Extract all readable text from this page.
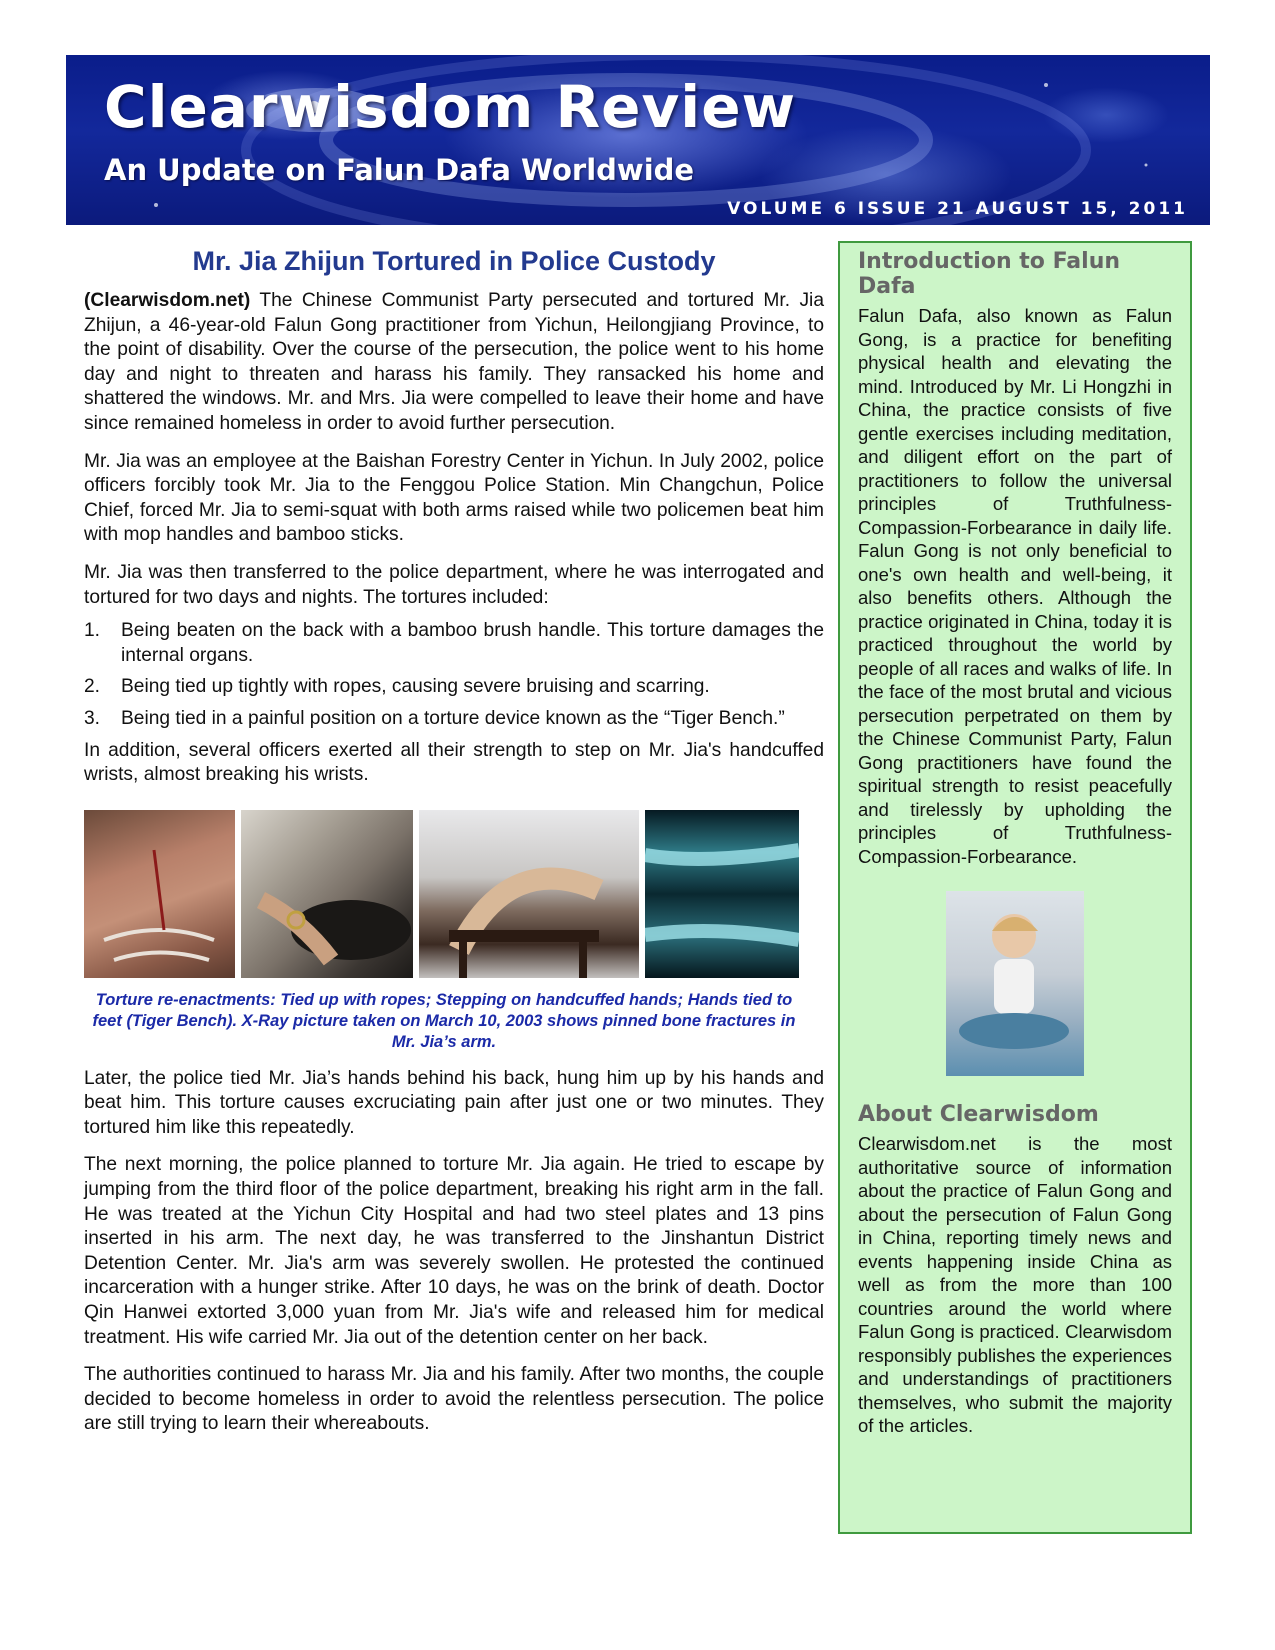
Clearwisdom Review
An Update on Falun Dafa Worldwide
VOLUME 6 ISSUE 21 AUGUST 15, 2011
Mr. Jia Zhijun Tortured in Police Custody

(Clearwisdom.net) The Chinese Communist Party persecuted and tortured Mr. Jia Zhijun, a 46-year-old Falun Gong practitioner from Yichun, Heilongjiang Province, to the point of disability. Over the course of the persecution, the police went to his home day and night to threaten and harass his family. They ransacked his home and shattered the windows. Mr. and Mrs. Jia were compelled to leave their home and have since remained homeless in order to avoid further persecution.

Mr. Jia was an employee at the Baishan Forestry Center in Yichun. In July 2002, police officers forcibly took Mr. Jia to the Fenggou Police Station. Min Changchun, Police Chief, forced Mr. Jia to semi-squat with both arms raised while two policemen beat him with mop handles and bamboo sticks.

Mr. Jia was then transferred to the police department, where he was interrogated and tortured for two days and nights. The tortures included:

1. Being beaten on the back with a bamboo brush handle. This torture damages the internal organs.
2. Being tied up tightly with ropes, causing severe bruising and scarring.
3. Being tied in a painful position on a torture device known as the “Tiger Bench.”

In addition, several officers exerted all their strength to step on Mr. Jia's handcuffed wrists, almost breaking his wrists.

Torture re-enactments: Tied up with ropes; Stepping on handcuffed hands; Hands tied to feet (Tiger Bench). X-Ray picture taken on March 10, 2003 shows pinned bone fractures in Mr. Jia’s arm.

Later, the police tied Mr. Jia’s hands behind his back, hung him up by his hands and beat him. This torture causes excruciating pain after just one or two minutes. They tortured him like this repeatedly.

The next morning, the police planned to torture Mr. Jia again. He tried to escape by jumping from the third floor of the police department, breaking his right arm in the fall. He was treated at the Yichun City Hospital and had two steel plates and 13 pins inserted in his arm. The next day, he was transferred to the Jinshantun District Detention Center. Mr. Jia's arm was severely swollen. He protested the continued incarceration with a hunger strike. After 10 days, he was on the brink of death. Doctor Qin Hanwei extorted 3,000 yuan from Mr. Jia's wife and released him for medical treatment. His wife carried Mr. Jia out of the detention center on her back.

The authorities continued to harass Mr. Jia and his family. After two months, the couple decided to become homeless in order to avoid the relentless persecution. The police are still trying to learn their whereabouts.

Introduction to Falun Dafa

Falun Dafa, also known as Falun Gong, is a practice for benefiting physical health and elevating the mind. Introduced by Mr. Li Hongzhi in China, the practice consists of five gentle exercises including meditation, and diligent effort on the part of practitioners to follow the universal principles of Truthfulness-Compassion-Forbearance in daily life. Falun Gong is not only beneficial to one's own health and well-being, it also benefits others. Although the practice originated in China, today it is practiced throughout the world by people of all races and walks of life. In the face of the most brutal and vicious persecution perpetrated on them by the Chinese Communist Party, Falun Gong practitioners have found the spiritual strength to resist peacefully and tirelessly by upholding the principles of Truthfulness-Compassion-Forbearance.

About Clearwisdom

Clearwisdom.net is the most authoritative source of information about the practice of Falun Gong and about the persecution of Falun Gong in China, reporting timely news and events happening inside China as well as from the more than 100 countries around the world where Falun Gong is practiced. Clearwisdom responsibly publishes the experiences and understandings of practitioners themselves, who submit the majority of the articles.
